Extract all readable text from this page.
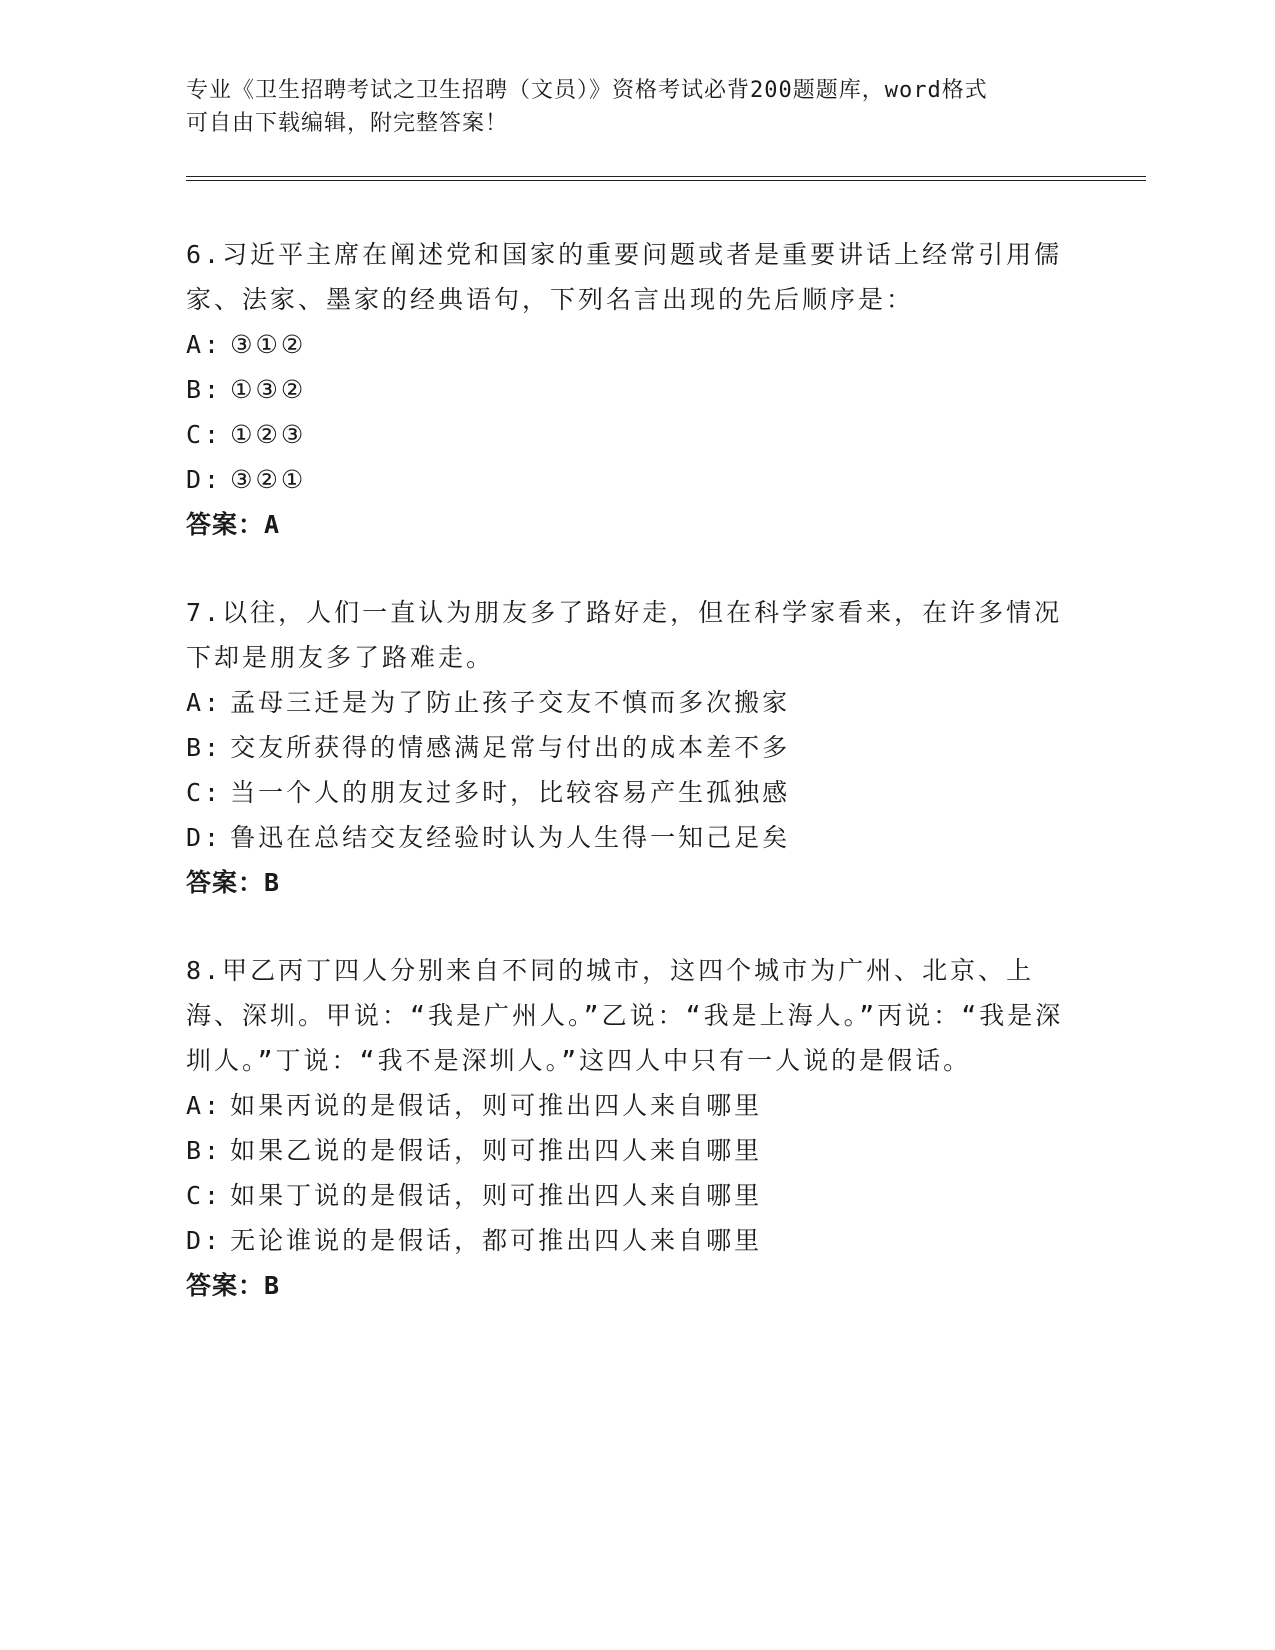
专业《卫生招聘考试之卫生招聘（文员）》资格考试必背200题题库，word格式
可自由下载编辑，附完整答案！
6.习近平主席在阐述党和国家的重要问题或者是重要讲话上经常引用儒家、法家、墨家的经典语句，下列名言出现的先后顺序是：
A: ③①②
B: ①③②
C: ①②③
D: ③②①
答案：A
7.以往，人们一直认为朋友多了路好走，但在科学家看来，在许多情况下却是朋友多了路难走。
A: 孟母三迁是为了防止孩子交友不慎而多次搬家
B: 交友所获得的情感满足常与付出的成本差不多
C: 当一个人的朋友过多时，比较容易产生孤独感
D: 鲁迅在总结交友经验时认为人生得一知己足矣
答案：B
8.甲乙丙丁四人分别来自不同的城市，这四个城市为广州、北京、上海、深圳。甲说：“我是广州人。”乙说：“我是上海人。”丙说：“我是深圳人。”丁说：“我不是深圳人。”这四人中只有一人说的是假话。
A: 如果丙说的是假话，则可推出四人来自哪里
B: 如果乙说的是假话，则可推出四人来自哪里
C: 如果丁说的是假话，则可推出四人来自哪里
D: 无论谁说的是假话，都可推出四人来自哪里
答案：B
